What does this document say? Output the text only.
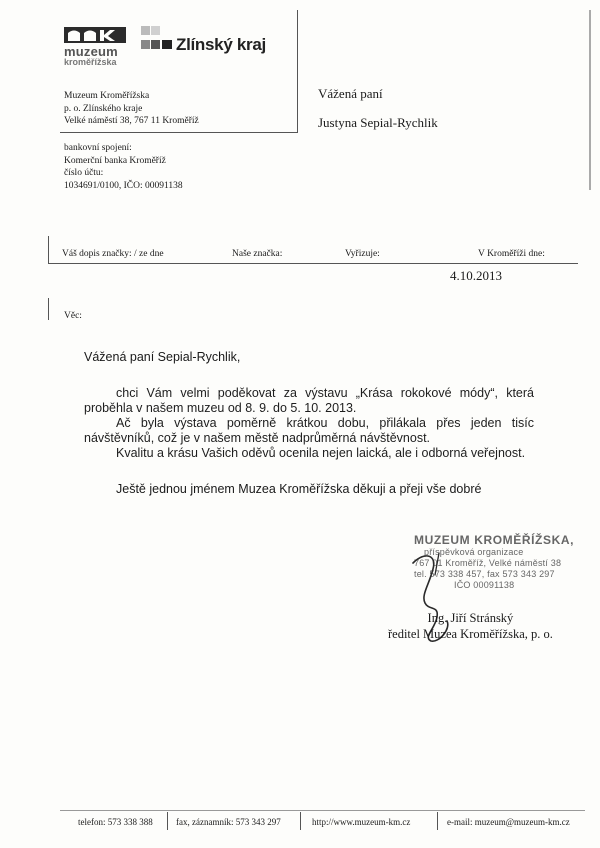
muzeum
kroměřížska
Zlínský kraj
Muzeum Kroměřížska
p. o. Zlínského kraje
Velké náměstí 38, 767 11 Kroměříž
bankovní spojení:
Komerční banka Kroměříž
číslo účtu:
1034691/0100, IČO: 00091138
Vážená paní
Justyna Sepial-Rychlik
Váš dopis značky: / ze dne	Naše značka:	Vyřizuje:	V Kroměříži dne:
4.10.2013
Věc:
Vážená paní Sepial-Rychlik,

chci Vám velmi poděkovat za výstavu „Krása rokokové módy“, která proběhla v našem muzeu od 8. 9. do 5. 10. 2013.

Ač byla výstava poměrně krátkou dobu, přilákala přes jeden tisíc návštěvníků, což je v našem městě nadprůměrná návštěvnost.

Kvalitu a krásu Vašich oděvů ocenila nejen laická, ale i odborná veřejnost.

Ještě jednou jménem Muzea Kroměřížska děkuji a přeji vše dobré
MUZEUM KROMĚŘÍŽSKA,
příspěvková organizace
767 01 Kroměříž, Velké náměstí 38
tel. 573 338 457, fax 573 343 297
IČO 00091138
Ing. Jiří Stránský
ředitel Muzea Kroměřížska, p. o.
telefon: 573 338 388	fax, záznamník: 573 343 297	http://www.muzeum-km.cz	e-mail: muzeum@muzeum-km.cz
